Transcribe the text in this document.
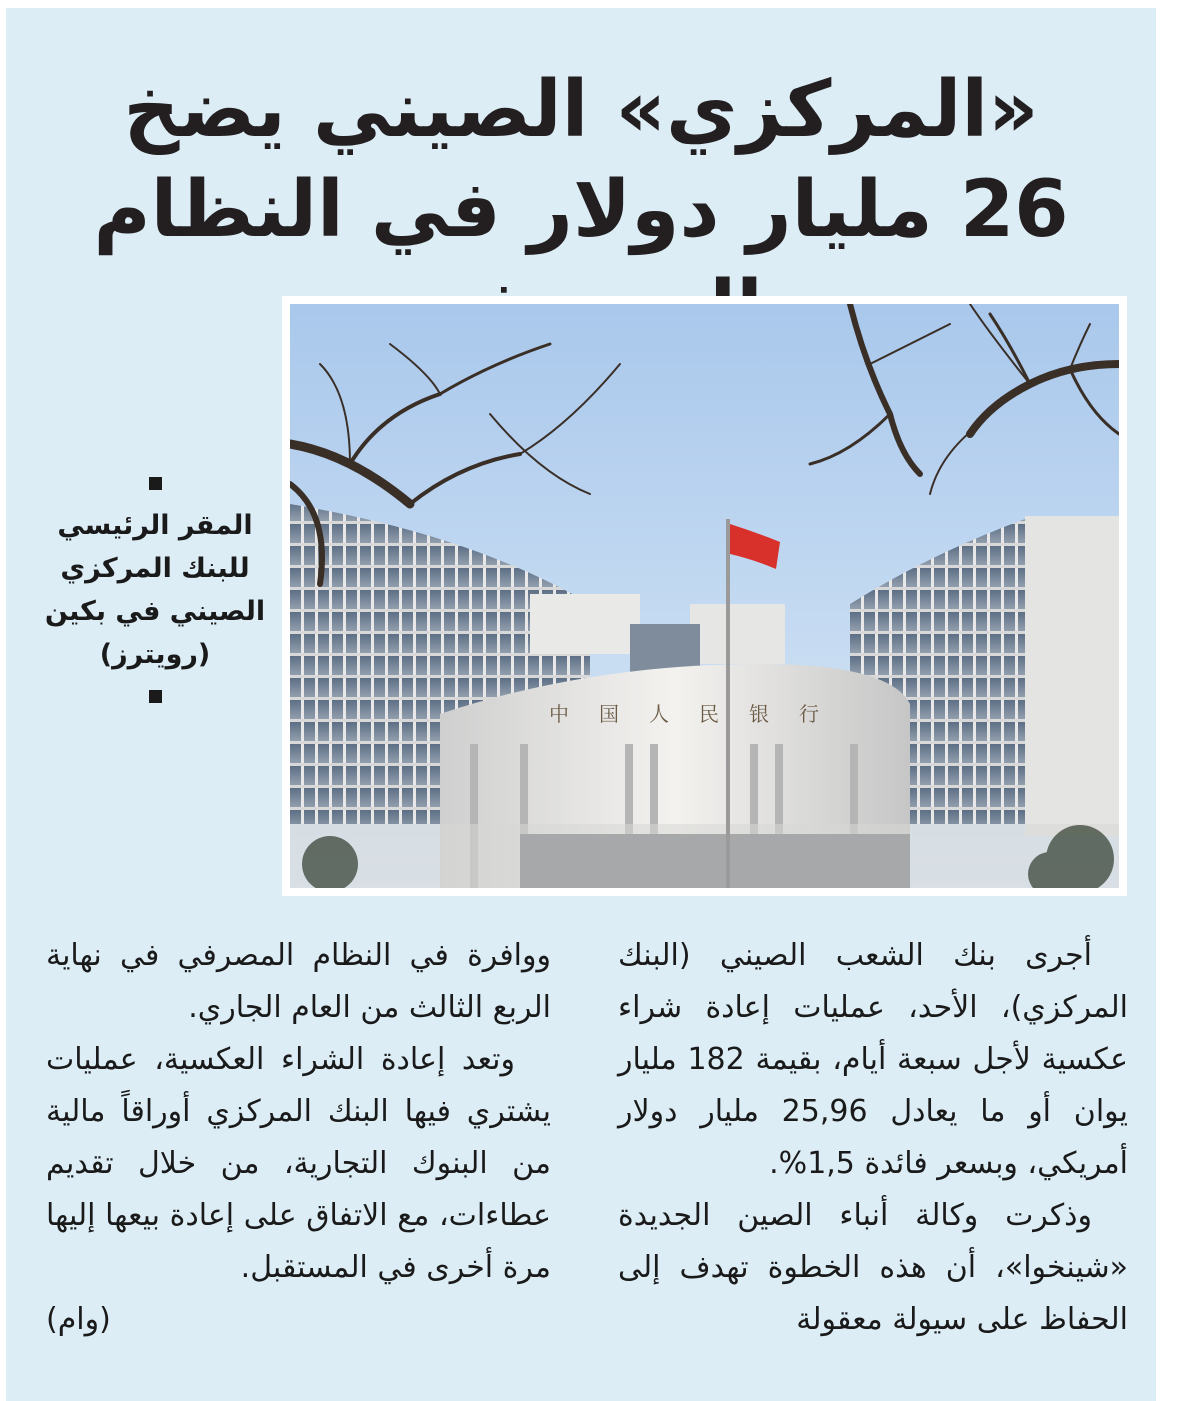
«المركزي» الصيني يضخ
26 مليار دولار في النظام
中国人民银行
المقر الرئيسي
للبنك المركزي
الصيني في بكين
(رويترز)

أجرى بنك الشعب الصيني (البنك المركزي)، الأحد، عمليات إعادة شراء عكسية لأجل سبعة أيام، بقيمة 182 مليار يوان أو ما يعادل 25,96 مليار دولار أمريكي، وبسعر فائدة 1,5%.

وذكرت وكالة أنباء الصين الجديدة «شينخوا»، أن هذه الخطوة تهدف إلى الحفاظ على سيولة معقولة

ووافرة في النظام المصرفي في نهاية الربع الثالث من العام الجاري.

وتعد إعادة الشراء العكسية، عمليات يشتري فيها البنك المركزي أوراقاً مالية من البنوك التجارية، من خلال تقديم عطاءات، مع الاتفاق على إعادة بيعها إليها مرة أخرى في المستقبل.

(وام)
